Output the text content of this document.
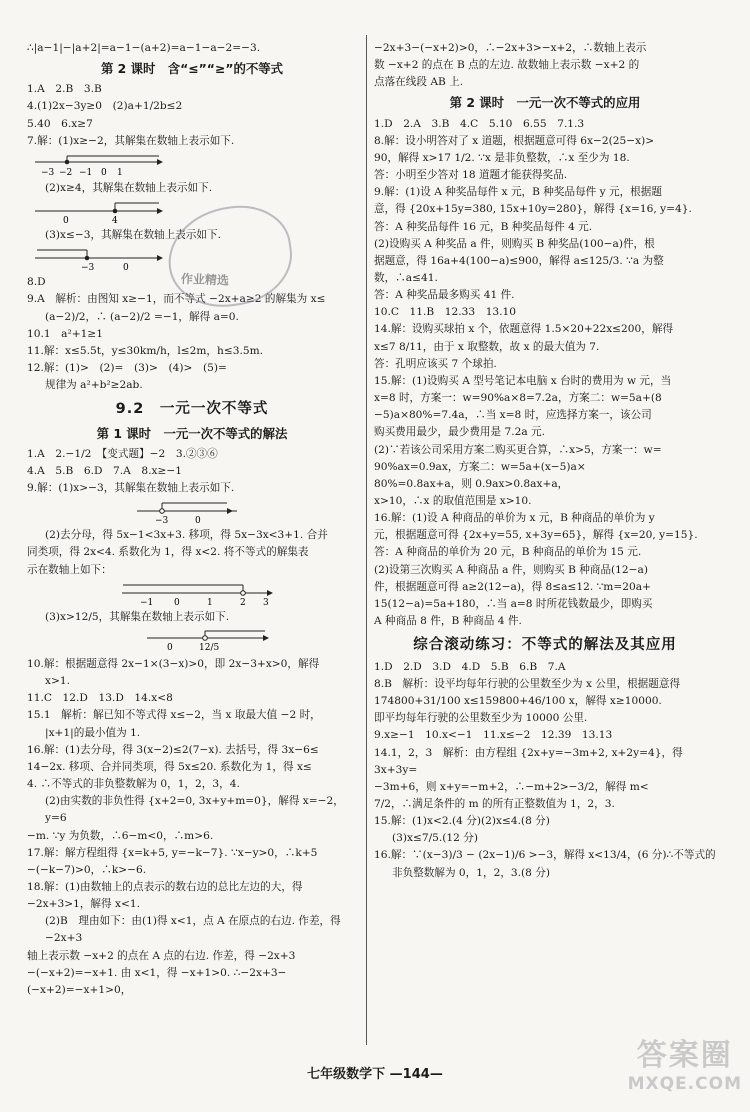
∴|a−1|−|a+2|=a−1−(a+2)=a−1−a−2=−3.
第 2 课时　含“≤”“≥”的不等式
1.A　2.B　3.B
4.(1)2x−3y≥0　(2)a+1/2b≤2
5.40　6.x≥7
7.解：(1)x≥−2，其解集在数轴上表示如下.
−3 −2 −1 0 1
(2)x≥4，其解集在数轴上表示如下.
0	4
(3)x≤−3，其解集在数轴上表示如下.
−3	0
8.D
9.A　解析：由图知 x≥−1，而不等式 −2x+a≥2 的解集为 x≤
(a−2)/2，∴ (a−2)/2 =−1，解得 a=0.
10.1　a²+1≥1
11.解：x≤5.5t，y≤30km/h，l≤2m，h≤3.5m.
12.解：(1)>　(2)=　(3)>　(4)>　(5)=
规律为 a²+b²≥2ab.
9.2　一元一次不等式
第 1 课时　一元一次不等式的解法
1.A　2.−1/2　【变式题】−2　3.②③⑥
4.A　5.B　6.D　7.A　8.x≥−1
9.解：(1)x>−3，其解集在数轴上表示如下.
−3	0
(2)去分母，得 5x−1<3x+3. 移项，得 5x−3x<3+1. 合并
同类项，得 2x<4. 系数化为 1，得 x<2. 将不等式的解集表
示在数轴上如下：
−1 0	1	2 3
(3)x>12/5，其解集在数轴上表示如下.
0	12/5
10.解：根据题意得 2x−1×(3−x)>0，即 2x−3+x>0，解得
x>1.
11.C　12.D　13.D　14.x<8
15.1　解析：解已知不等式得 x≤−2，当 x 取最大值 −2 时，
|x+1|的最小值为 1.
16.解：(1)去分母，得 3(x−2)≤2(7−x). 去括号，得 3x−6≤
14−2x. 移项、合并同类项，得 5x≤20. 系数化为 1，得 x≤
4. ∴不等式的非负整数解为 0，1，2，3，4.
(2)由实数的非负性得 {x+2=0, 3x+y+m=0}，解得 x=−2，y=6
−m. ∵y 为负数，∴6−m<0，∴m>6.
17.解：解方程组得 {x=k+5, y=−k−7}. ∵x−y>0，∴k+5
−(−k−7)>0，∴k>−6.
18.解：(1)由数轴上的点表示的数右边的总比左边的大，得
−2x+3>1，解得 x<1.
(2)B　理由如下：由(1)得 x<1，点 A 在原点的右边. 作差，得 −2x+3
轴上表示数 −x+2 的点在 A 点的右边. 作差，得 −2x+3
−(−x+2)=−x+1. 由 x<1，得 −x+1>0. ∴−2x+3−(−x+2)=−x+1>0，
−2x+3−(−x+2)>0，∴−2x+3>−x+2，∴数轴上表示
数 −x+2 的点在 B 点的左边. 故数轴上表示数 −x+2 的
点落在线段 AB 上.
第 2 课时　一元一次不等式的应用
1.D　2.A　3.B　4.C　5.10　6.55　7.1.3
8.解：设小明答对了 x 道题，根据题意可得 6x−2(25−x)>
90，解得 x>17 1/2. ∵x 是非负整数，∴x 至少为 18.
答：小明至少答对 18 道题才能获得奖品.
9.解：(1)设 A 种奖品每件 x 元，B 种奖品每件 y 元，根据题
意，得 {20x+15y=380, 15x+10y=280}，解得 {x=16, y=4}.
答：A 种奖品每件 16 元，B 种奖品每件 4 元.
(2)设购买 A 种奖品 a 件，则购买 B 种奖品(100−a)件，根
据题意，得 16a+4(100−a)≤900，解得 a≤125/3. ∵a 为整
数，∴a≤41.
答：A 种奖品最多购买 41 件.
10.C　11.B　12.33　13.10
14.解：设购买球拍 x 个，依题意得 1.5×20+22x≤200，解得
x≤7 8/11，由于 x 取整数，故 x 的最大值为 7.
答：孔明应该买 7 个球拍.
15.解：(1)设购买 A 型号笔记本电脑 x 台时的费用为 w 元，当
x=8 时，方案一：w=90%a×8=7.2a，方案二：w=5a+(8
−5)a×80%=7.4a，∴当 x=8 时，应选择方案一，该公司
购买费用最少，最少费用是 7.2a 元.
(2)∵若该公司采用方案二购买更合算，∴x>5，方案一：w=
90%ax=0.9ax，方案二：w=5a+(x−5)a×
80%=0.8ax+a，则 0.9ax>0.8ax+a，
x>10，∴x 的取值范围是 x>10.
16.解：(1)设 A 种商品的单价为 x 元，B 种商品的单价为 y
元，根据题意可得 {2x+y=55, x+3y=65}，解得 {x=20, y=15}.
答：A 种商品的单价为 20 元，B 种商品的单价为 15 元.
(2)设第三次购买 A 种商品 a 件，则购买 B 种商品(12−a)
件，根据题意可得 a≥2(12−a)，得 8≤a≤12. ∵m=20a+
15(12−a)=5a+180，∴当 a=8 时所花钱数最少，即购买
A 种商品 8 件，B 种商品 4 件.
综合滚动练习：不等式的解法及其应用
1.D　2.D　3.D　4.D　5.B　6.B　7.A
8.B　解析：设平均每年行驶的公里数至少为 x 公里，根据题意得
174800+31/100 x≤159800+46/100 x，解得 x≥10000.
即平均每年行驶的公里数至少为 10000 公里.
9.x≥−1　10.x<−1　11.x≤−2　12.39　13.13
14.1，2，3　解析：由方程组 {2x+y=−3m+2, x+2y=4}，得 3x+3y=
−3m+6，则 x+y=−m+2，∴−m+2>−3/2，解得 m<
7/2，∴满足条件的 m 的所有正整数值为 1，2，3.
15.解：(1)x<2.(4 分)(2)x≤4.(8 分)
(3)x≤7/5.(12 分)
16.解：∵(x−3)/3 − (2x−1)/6 >−3，解得 x<13/4，(6 分)∴不等式的
非负整数解为 0，1，2，3.(8 分)
作业精选
七年级数学下 —144—
答案圈
MXQE.COM
